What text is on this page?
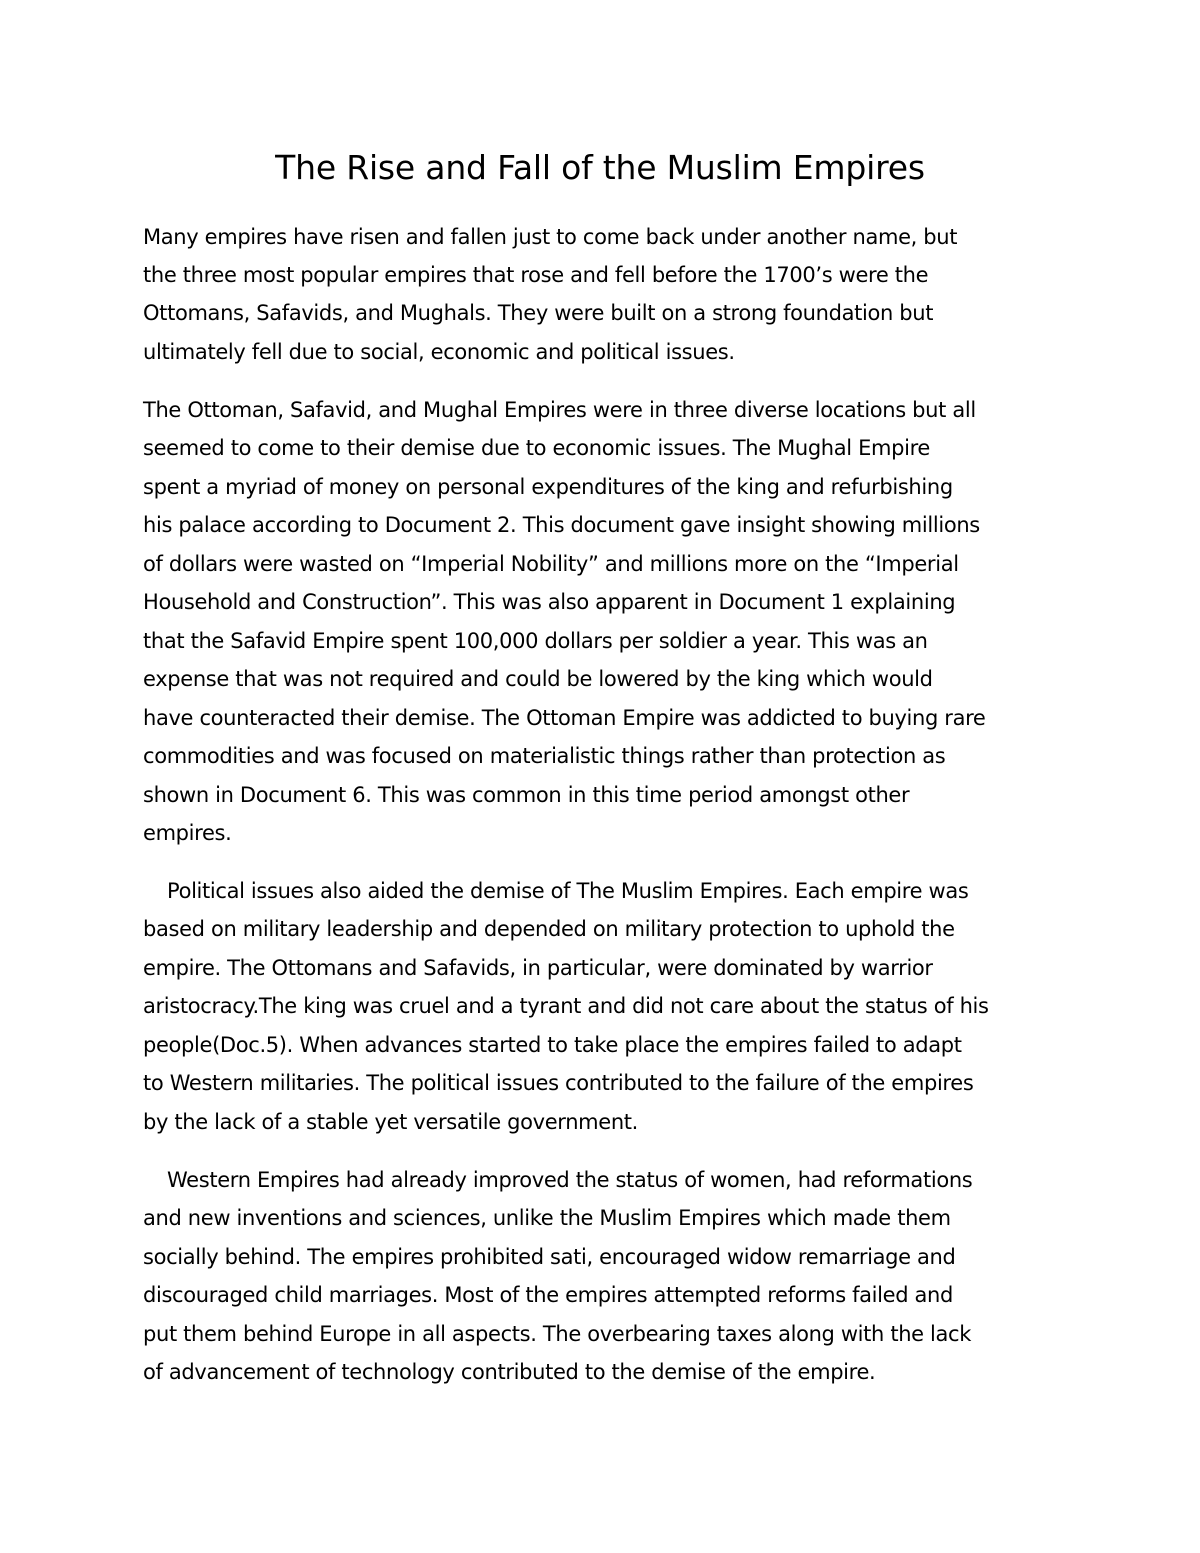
The Rise and Fall of the Muslim Empires

Many empires have risen and fallen just to come back under another name, but

the three most popular empires that rose and fell before the 1700’s were the

Ottomans, Safavids, and Mughals. They were built on a strong foundation but

ultimately fell due to social, economic and political issues.

The Ottoman, Safavid, and Mughal Empires were in three diverse locations but all

seemed to come to their demise due to economic issues. The Mughal Empire

spent a myriad of money on personal expenditures of the king and refurbishing

his palace according to Document 2. This document gave insight showing millions

of dollars were wasted on “Imperial Nobility” and millions more on the “Imperial

Household and Construction”. This was also apparent in Document 1 explaining

that the Safavid Empire spent 100,000 dollars per soldier a year. This was an

expense that was not required and could be lowered by the king which would

have counteracted their demise. The Ottoman Empire was addicted to buying rare

commodities and was focused on materialistic things rather than protection as

shown in Document 6. This was common in this time period amongst other

empires.

Political issues also aided the demise of The Muslim Empires. Each empire was

based on military leadership and depended on military protection to uphold the

empire. The Ottomans and Safavids, in particular, were dominated by warrior

aristocracy.The king was cruel and a tyrant and did not care about the status of his

people(Doc.5). When advances started to take place the empires failed to adapt

to Western militaries. The political issues contributed to the failure of the empires

by the lack of a stable yet versatile government.

Western Empires had already improved the status of women, had reformations

and new inventions and sciences, unlike the Muslim Empires which made them

socially behind. The empires prohibited sati, encouraged widow remarriage and

discouraged child marriages. Most of the empires attempted reforms failed and

put them behind Europe in all aspects. The overbearing taxes along with the lack

of advancement of technology contributed to the demise of the empire.
